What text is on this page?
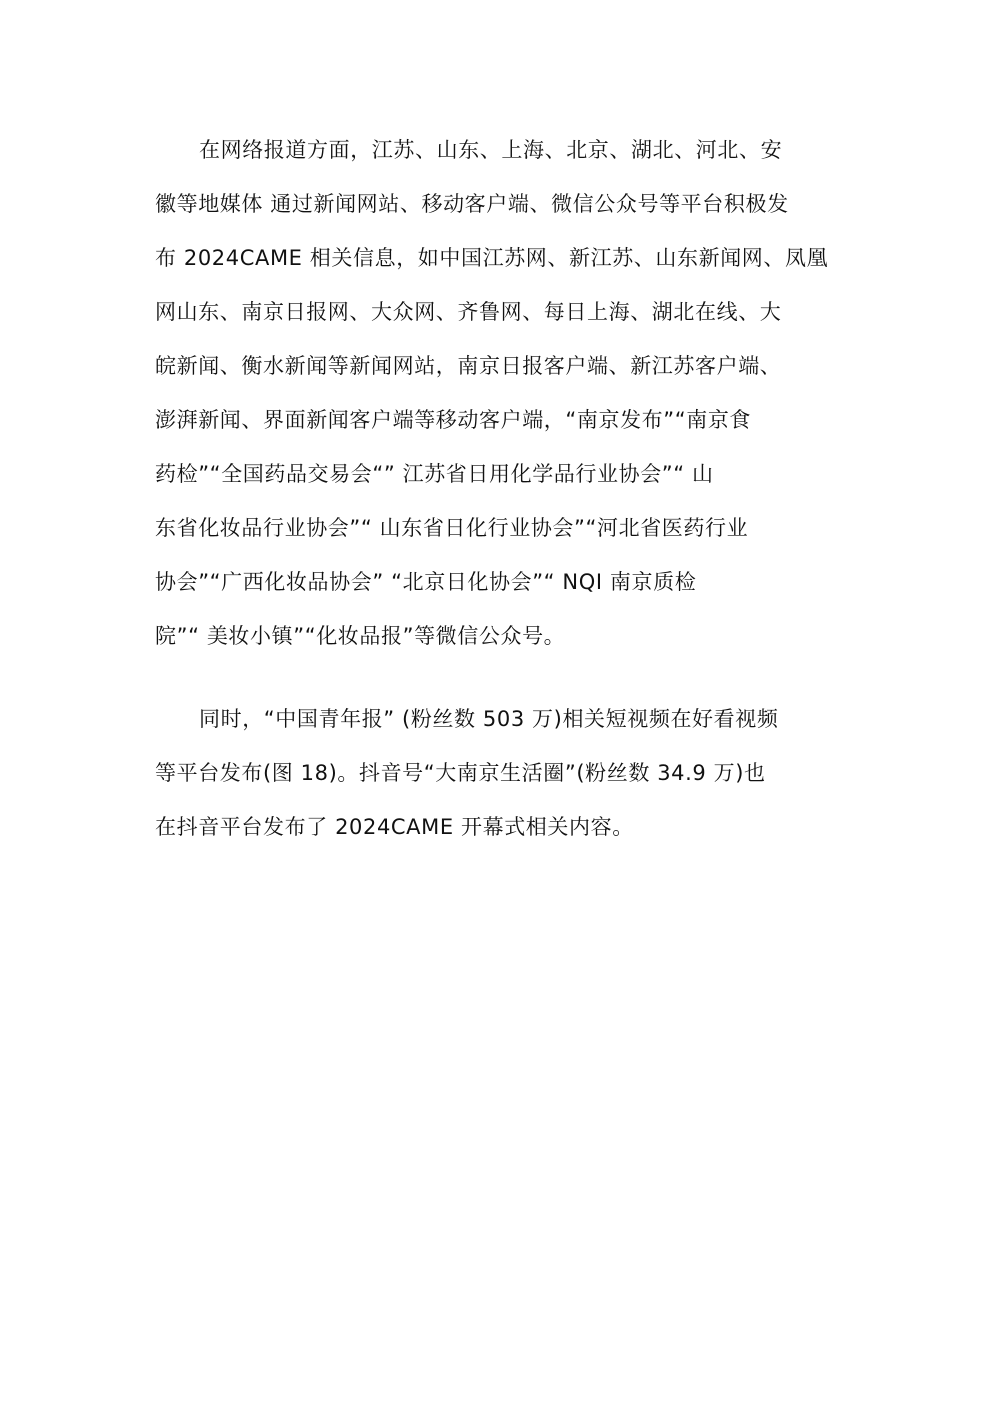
在网络报道方面，江苏、山东、上海、北京、湖北、河北、安
徽等地媒体 通过新闻网站、移动客户端、微信公众号等平台积极发
布 2024CAME 相关信息，如中国江苏网、新江苏、山东新闻网、凤凰
网山东、南京日报网、大众网、齐鲁网、每日上海、湖北在线、大
皖新闻、衡水新闻等新闻网站，南京日报客户端、新江苏客户端、
澎湃新闻、界面新闻客户端等移动客户端，“南京发布”“南京食
药检”“全国药品交易会“” 江苏省日用化学品行业协会”“ 山
东省化妆品行业协会”“ 山东省日化行业协会”“河北省医药行业
协会”“广西化妆品协会” “北京日化协会”“ NQI 南京质检
院”“ 美妆小镇”“化妆品报”等微信公众号。
同时，“中国青年报” (粉丝数 503 万)相关短视频在好看视频
等平台发布(图 18)。抖音号“大南京生活圈”(粉丝数 34.9 万)也
在抖音平台发布了 2024CAME 开幕式相关内容。
